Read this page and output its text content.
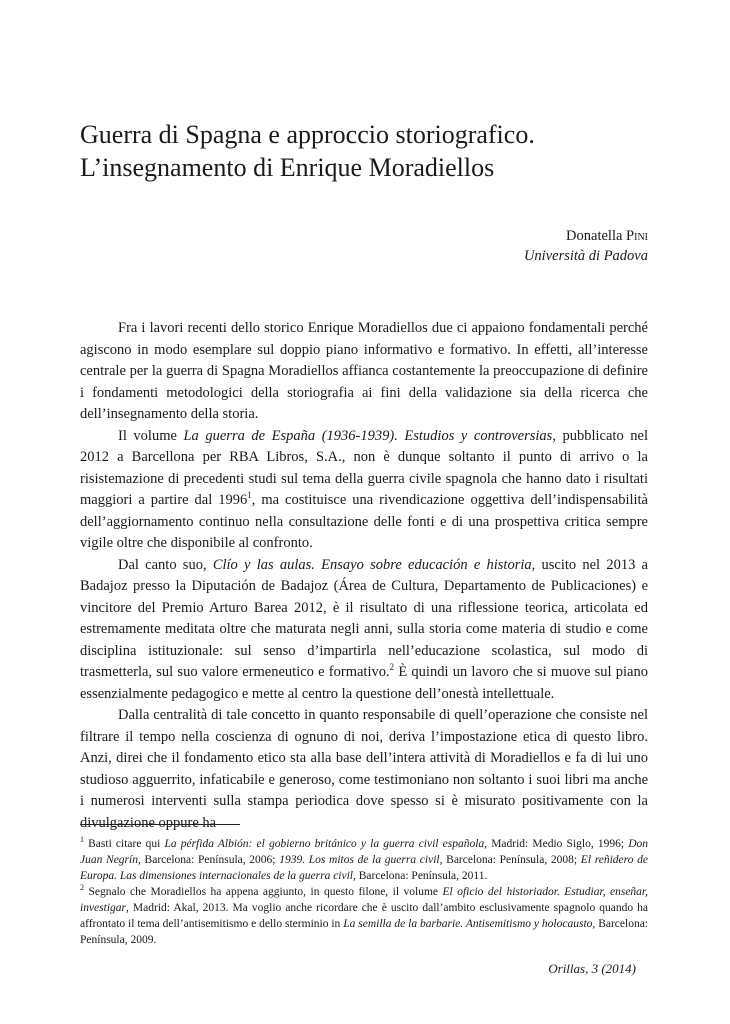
Guerra di Spagna e approccio storiografico.
L’insegnamento di Enrique Moradiellos
Donatella Pini
Università di Padova

Fra i lavori recenti dello storico Enrique Moradiellos due ci appaiono fondamentali perché agiscono in modo esemplare sul doppio piano informativo e formativo. In effetti, all’interesse centrale per la guerra di Spagna Moradiellos affianca costantemente la preoccupazione di definire i fondamenti metodologici della storiografia ai fini della validazione sia della ricerca che dell’insegnamento della storia.

Il volume La guerra de España (1936-1939). Estudios y controversias, pubblicato nel 2012 a Barcellona per RBA Libros, S.A., non è dunque soltanto il punto di arrivo o la risistemazione di precedenti studi sul tema della guerra civile spagnola che hanno dato i risultati maggiori a partire dal 1996$^1$, ma costituisce una rivendicazione oggettiva dell’indispensabilità dell’aggiornamento continuo nella consultazione delle fonti e di una prospettiva critica sempre vigile oltre che disponibile al confronto.

Dal canto suo, Clío y las aulas. Ensayo sobre educación e historia, uscito nel 2013 a Badajoz presso la Diputación de Badajoz (Área de Cultura, Departamento de Publicaciones) e vincitore del Premio Arturo Barea 2012, è il risultato di una riflessione teorica, articolata ed estremamente meditata oltre che maturata negli anni, sulla storia come materia di studio e come disciplina istituzionale: sul senso d’impartirla nell’educazione scolastica, sul modo di trasmetterla, sul suo valore ermeneutico e formativo.$^2$ È quindi un lavoro che si muove sul piano essenzialmente pedagogico e mette al centro la questione dell’onestà intellettuale.

Dalla centralità di tale concetto in quanto responsabile di quell’operazione che consiste nel filtrare il tempo nella coscienza di ognuno di noi, deriva l’impostazione etica di questo libro. Anzi, direi che il fondamento etico sta alla base dell’intera attività di Moradiellos e fa di lui uno studioso agguerrito, infaticabile e generoso, come testimoniano non soltanto i suoi libri ma anche i numerosi interventi sulla stampa periodica dove spesso si è misurato positivamente con la divulgazione oppure ha

$^1$ Basti citare qui La pérfida Albión: el gobierno británico y la guerra civil española, Madrid: Medio Siglo, 1996; Don Juan Negrín, Barcelona: Península, 2006; 1939. Los mitos de la guerra civil, Barcelona: Península, 2008; El reñidero de Europa. Las dimensiones internacionales de la guerra civil, Barcelona: Península, 2011.

$^2$ Segnalo che Moradiellos ha appena aggiunto, in questo filone, il volume El oficio del historiador. Estudiar, enseñar, investigar, Madrid: Akal, 2013. Ma voglio anche ricordare che è uscito dall’ambito esclusivamente spagnolo quando ha affrontato il tema dell’antisemitismo e dello sterminio in La semilla de la barbarie. Antisemitismo y holocausto, Barcelona: Península, 2009.

Orillas, 3 (2014)
